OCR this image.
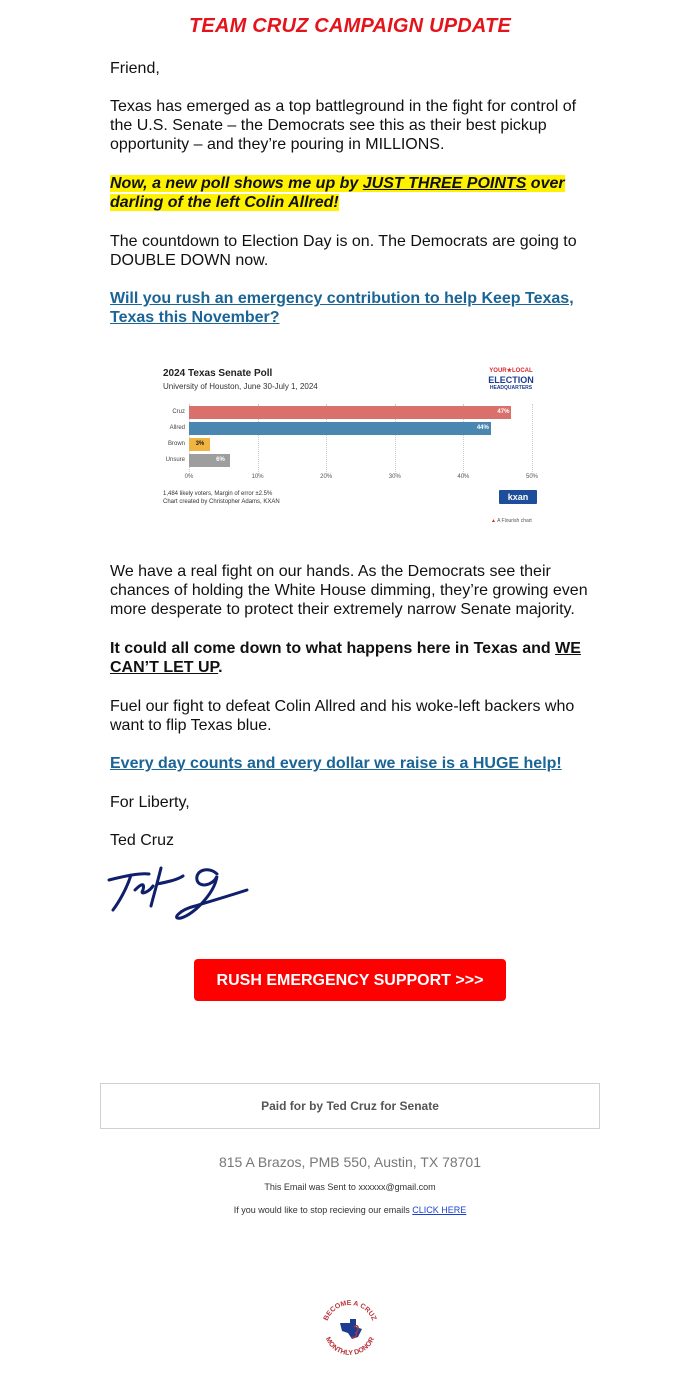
TEAM CRUZ CAMPAIGN UPDATE

Friend,

Texas has emerged as a top battleground in the fight for control of the U.S. Senate – the Democrats see this as their best pickup opportunity – and they’re pouring in MILLIONS.

Now, a new poll shows me up by JUST THREE POINTS over darling of the left Colin Allred!

The countdown to Election Day is on. The Democrats are going to DOUBLE DOWN now.

Will you rush an emergency contribution to help Keep Texas, Texas this November?

2024 Texas Senate Poll
University of Houston, June 30-July 1, 2024
YOUR★LOCAL
ELECTION
HEADQUARTERS
0%	10%	20%	30%	40%	50%
Cruz	47%
Allred	44%
Brown 3%
Unsure	6%
1,484 likely voters, Margin of error ±2.5%
Chart created by Christopher Adams, KXAN	kxan
▲ A Flourish chart

We have a real fight on our hands. As the Democrats see their chances of holding the White House dimming, they’re growing even more desperate to protect their extremely narrow Senate majority.

It could all come down to what happens here in Texas and WE CAN’T LET UP.

Fuel our fight to defeat Colin Allred and his woke-left backers who want to flip Texas blue.

Every day counts and every dollar we raise is a HUGE help!

For Liberty,

Ted Cruz

RUSH EMERGENCY SUPPORT >>>
Paid for by Ted Cruz for Senate
815 A Brazos, PMB 550, Austin, TX 78701
This Email was Sent to xxxxxx@gmail.com
If you would like to stop recieving our emails CLICK HERE
BECOME A CRUZ
MONTHLY DONOR
